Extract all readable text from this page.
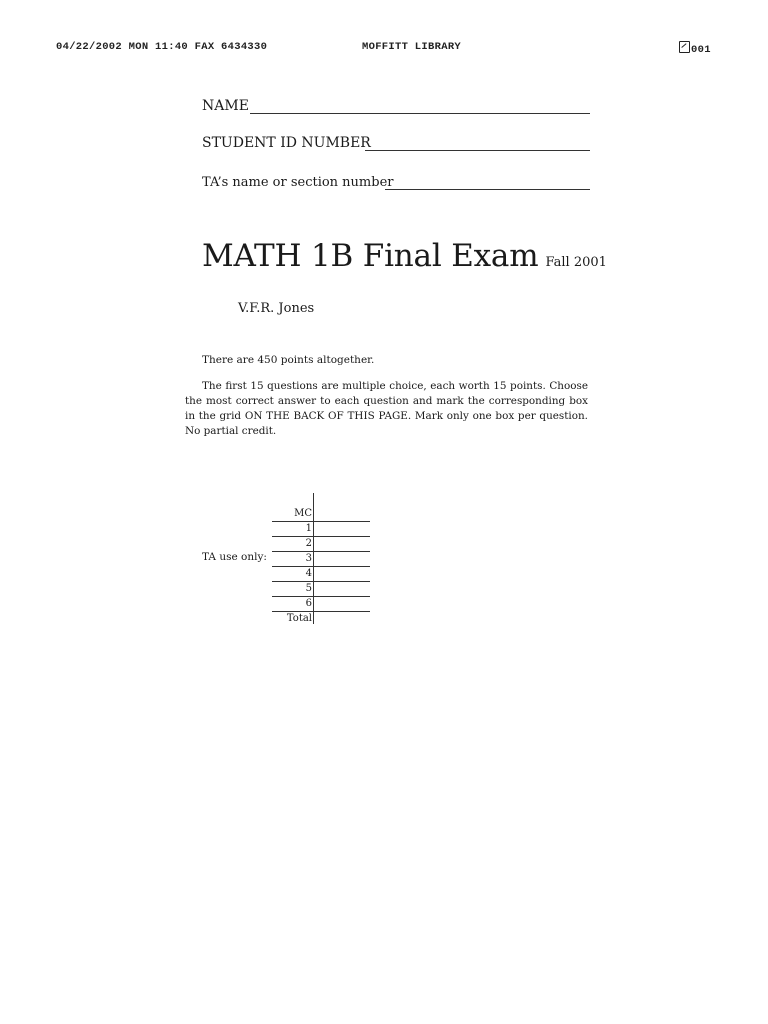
04/22/2002 MON 11:40 FAX 6434330	MOFFITT LIBRARY	001
NAME
STUDENT ID NUMBER
TA’s name or section number
MATH 1B Final Exam Fall 2001
V.F.R. Jones
There are 450 points altogether.
The first 15 questions are multiple choice, each worth 15 points. Choose the most correct answer to each question and mark the corresponding box in the grid ON THE BACK OF THIS PAGE. Mark only one box per question. No partial credit.
TA use only:
MC
1
2
3
4
5
6
Total
